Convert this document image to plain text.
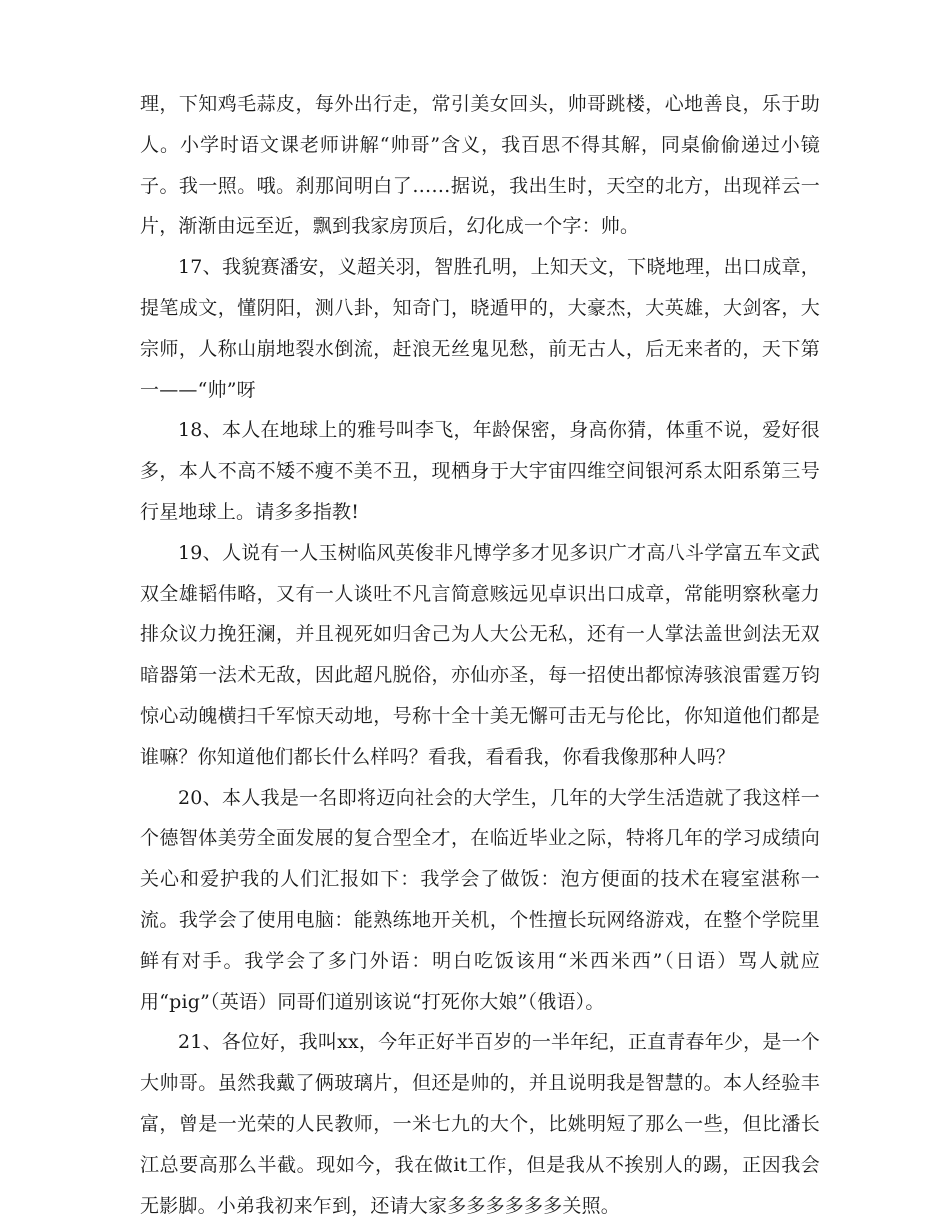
理，下知鸡毛蒜皮，每外出行走，常引美女回头，帅哥跳楼，心地善良，乐于助人。小学时语文课老师讲解“帅哥”含义，我百思不得其解，同桌偷偷递过小镜子。我一照。哦。刹那间明白了……据说，我出生时，天空的北方，出现祥云一片，渐渐由远至近，飘到我家房顶后，幻化成一个字：帅。

17、我貌赛潘安，义超关羽，智胜孔明，上知天文，下晓地理，出口成章，提笔成文，懂阴阳，测八卦，知奇门，晓遁甲的，大豪杰，大英雄，大剑客，大宗师，人称山崩地裂水倒流，赶浪无丝鬼见愁，前无古人，后无来者的，天下第一——“帅”呀

18、本人在地球上的雅号叫李飞，年龄保密，身高你猜，体重不说，爱好很多，本人不高不矮不瘦不美不丑，现栖身于大宇宙四维空间银河系太阳系第三号行星地球上。请多多指教!

19、人说有一人玉树临风英俊非凡博学多才见多识广才高八斗学富五车文武双全雄韬伟略，又有一人谈吐不凡言简意赅远见卓识出口成章，常能明察秋毫力排众议力挽狂澜，并且视死如归舍己为人大公无私，还有一人掌法盖世剑法无双暗器第一法术无敌，因此超凡脱俗，亦仙亦圣，每一招使出都惊涛骇浪雷霆万钧惊心动魄横扫千军惊天动地，号称十全十美无懈可击无与伦比，你知道他们都是谁嘛？你知道他们都长什么样吗？看我，看看我，你看我像那种人吗？

20、本人我是一名即将迈向社会的大学生，几年的大学生活造就了我这样一个德智体美劳全面发展的复合型全才，在临近毕业之际，特将几年的学习成绩向关心和爱护我的人们汇报如下：我学会了做饭：泡方便面的技术在寝室湛称一流。我学会了使用电脑：能熟练地开关机，个性擅长玩网络游戏，在整个学院里鲜有对手。我学会了多门外语：明白吃饭该用“米西米西”（日语）骂人就应用“pig”（英语）同哥们道别该说“打死你大娘”（俄语）。

21、各位好，我叫xx，今年正好半百岁的一半年纪，正直青春年少，是一个大帅哥。虽然我戴了俩玻璃片，但还是帅的，并且说明我是智慧的。本人经验丰富，曾是一光荣的人民教师，一米七九的大个，比姚明短了那么一些，但比潘长江总要高那么半截。现如今，我在做it工作，但是我从不挨别人的踢，正因我会无影脚。小弟我初来乍到，还请大家多多多多多多关照。
